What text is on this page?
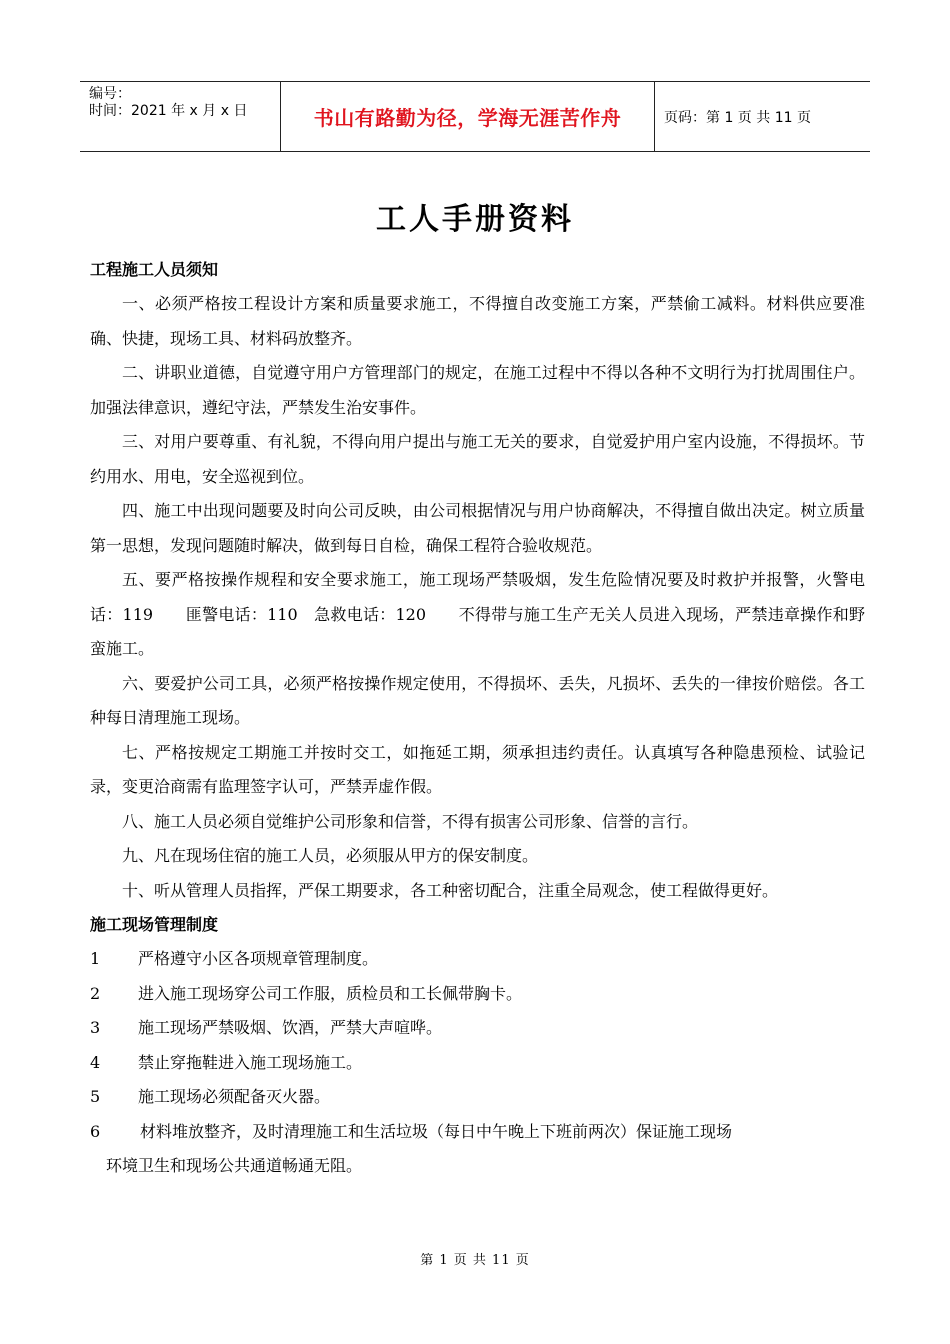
编号：
时间：2021 年 x 月 x 日	书山有路勤为径，学海无涯苦作舟	页码：第 1 页 共 11 页
工人手册资料
工程施工人员须知

一、必须严格按工程设计方案和质量要求施工，不得擅自改变施工方案，严禁偷工减料。材料供应要准确、快捷，现场工具、材料码放整齐。

二、讲职业道德，自觉遵守用户方管理部门的规定，在施工过程中不得以各种不文明行为打扰周围住户。加强法律意识，遵纪守法，严禁发生治安事件。

三、对用户要尊重、有礼貌，不得向用户提出与施工无关的要求，自觉爱护用户室内设施，不得损坏。节约用水、用电，安全巡视到位。

四、施工中出现问题要及时向公司反映，由公司根据情况与用户协商解决，不得擅自做出决定。树立质量第一思想，发现问题随时解决，做到每日自检，确保工程符合验收规范。

五、要严格按操作规程和安全要求施工，施工现场严禁吸烟，发生危险情况要及时救护并报警，火警电话：119　　匪警电话：110　急救电话：120　　不得带与施工生产无关人员进入现场，严禁违章操作和野蛮施工。

六、要爱护公司工具，必须严格按操作规定使用，不得损坏、丢失，凡损坏、丢失的一律按价赔偿。各工种每日清理施工现场。

七、严格按规定工期施工并按时交工，如拖延工期，须承担违约责任。认真填写各种隐患预检、试验记录，变更洽商需有监理签字认可，严禁弄虚作假。

八、施工人员必须自觉维护公司形象和信誉，不得有损害公司形象、信誉的言行。

九、凡在现场住宿的施工人员，必须服从甲方的保安制度。

十、听从管理人员指挥，严保工期要求，各工种密切配合，注重全局观念，使工程做得更好。

施工现场管理制度
1	严格遵守小区各项规章管理制度。
2	进入施工现场穿公司工作服，质检员和工长佩带胸卡。
3	施工现场严禁吸烟、饮酒，严禁大声喧哗。
4	禁止穿拖鞋进入施工现场施工。
5	施工现场必须配备灭火器。
6 材料堆放整齐，及时清理施工和生活垃圾（每日中午晚上下班前两次）保证施工现场
环境卫生和现场公共通道畅通无阻。
第 1 页 共 11 页
